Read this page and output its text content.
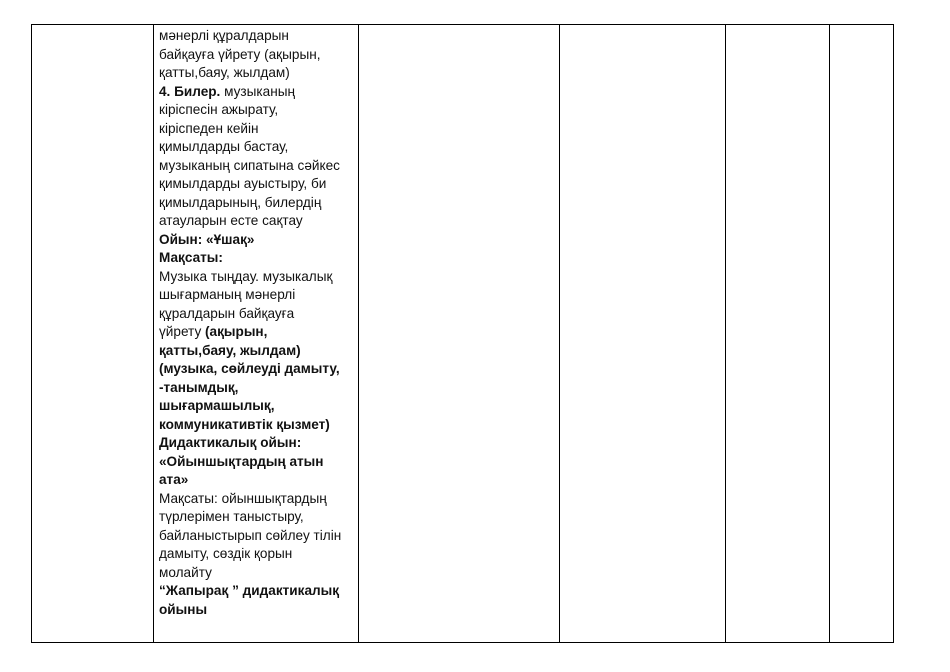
мәнерлі құралдарын
байқауға үйрету (ақырын,
қатты,баяу, жылдам)
4. Билер. музыканың
кіріспесін ажырату,
кіріспеден кейін
қимылдарды бастау,
музыканың сипатына сәйкес
қимылдарды ауыстыру, би
қимылдарының, билердің
атауларын есте сақтау
Ойын: «Ұшақ»
Мақсаты:
Музыка тыңдау. музыкалық
шығарманың мәнерлі
құралдарын байқауға
үйрету (ақырын,
қатты,баяу, жылдам)
(музыка, сөйлеуді дамыту,
-танымдық,
шығармашылық,
коммуникативтік қызмет)
Дидактикалық ойын:
«Ойыншықтардың атын
ата»
Мақсаты: ойыншықтардың
түрлерімен таныстыру,
байланыстырып сөйлеу тілін
дамыту, сөздік қорын
молайту
“Жапырақ ” дидактикалық
ойыны
